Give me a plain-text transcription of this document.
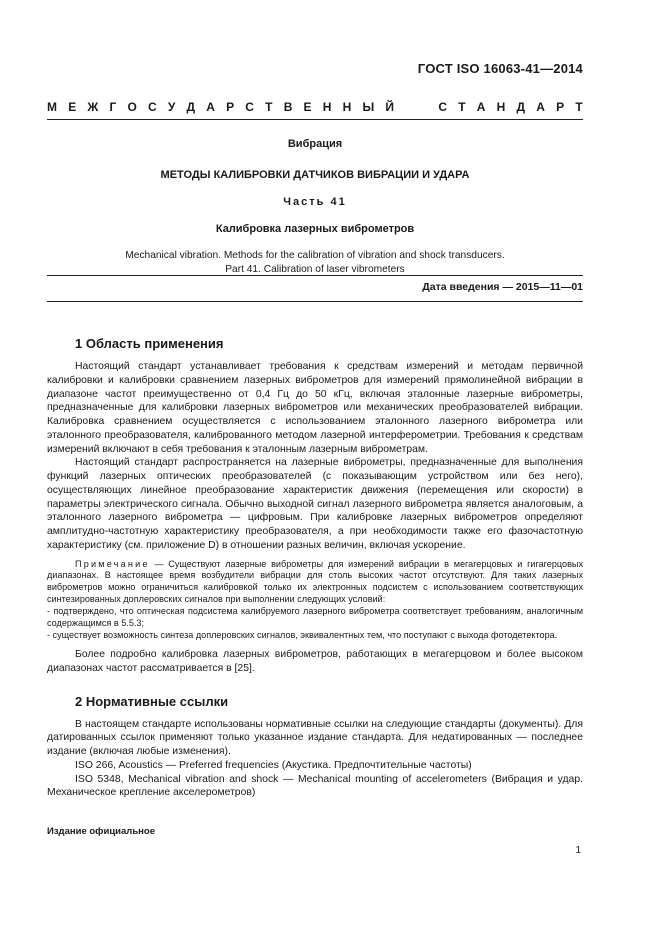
ГОСТ ISO 16063-41—2014
М Е Ж Г О С У Д А Р С Т В Е Н Н Ы Й	С Т А Н Д А Р Т

Вибрация

МЕТОДЫ КАЛИБРОВКИ ДАТЧИКОВ ВИБРАЦИИ И УДАРА

Часть 41

Калибровка лазерных виброметров

Mechanical vibration. Methods for the calibration of vibration and shock transducers.
Part 41. Calibration of laser vibrometers

Дата введения — 2015—11—01
1 Область применения

Настоящий стандарт устанавливает требования к средствам измерений и методам первичной калибровки и калибровки сравнением лазерных виброметров для измерений прямолинейной вибрации в диапазоне частот преимущественно от 0,4 Гц до 50 кГц, включая эталонные лазерные виброметры, предназначенные для калибровки лазерных виброметров или механических преобразователей вибрации. Калибровка сравнением осуществляется с использованием эталонного лазерного виброметра или эталонного преобразователя, калиброванного методом лазерной интерферометрии. Требования к средствам измерений включают в себя требования к эталонным лазерным виброметрам.

Настоящий стандарт распространяется на лазерные виброметры, предназначенные для выполнения функций лазерных оптических преобразователей (с показывающим устройством или без него), осуществляющих линейное преобразование характеристик движения (перемещения или скорости) в параметры электрического сигнала. Обычно выходной сигнал лазерного виброметра является аналоговым, а эталонного лазерного виброметра — цифровым. При калибровке лазерных виброметров определяют амплитудно-частотную характеристику преобразователя, а при необходимости также его фазочастотную характеристику (см. приложение D) в отношении разных величин, включая ускорение.

Примечание — Существуют лазерные виброметры для измерений вибрации в мегагерцовых и гигагерцовых диапазонах. В настоящее время возбудители вибрации для столь высоких частот отсутствуют. Для таких лазерных виброметров можно ограничиться калибровкой только их электронных подсистем с использованием соответствующих синтезированных доплеровских сигналов при выполнении следующих условий:

- подтверждено, что оптическая подсистема калибруемого лазерного виброметра соответствует требованиям, аналогичным содержащимся в 5.5.3;

- существует возможность синтеза доплеровских сигналов, эквивалентных тем, что поступают с выхода фотодетектора.

Более подробно калибровка лазерных виброметров, работающих в мегагерцовом и более высоком диапазонах частот рассматривается в [25].

2 Нормативные ссылки

В настоящем стандарте использованы нормативные ссылки на следующие стандарты (документы). Для датированных ссылок применяют только указанное издание стандарта. Для недатированных — последнее издание (включая любые изменения).

ISO 266, Acoustics — Preferred frequencies (Акустика. Предпочтительные частоты)

ISO 5348, Mechanical vibration and shock — Mechanical mounting of accelerometers (Вибрация и удар. Механическое крепление акселерометров)

Издание официальное
1
